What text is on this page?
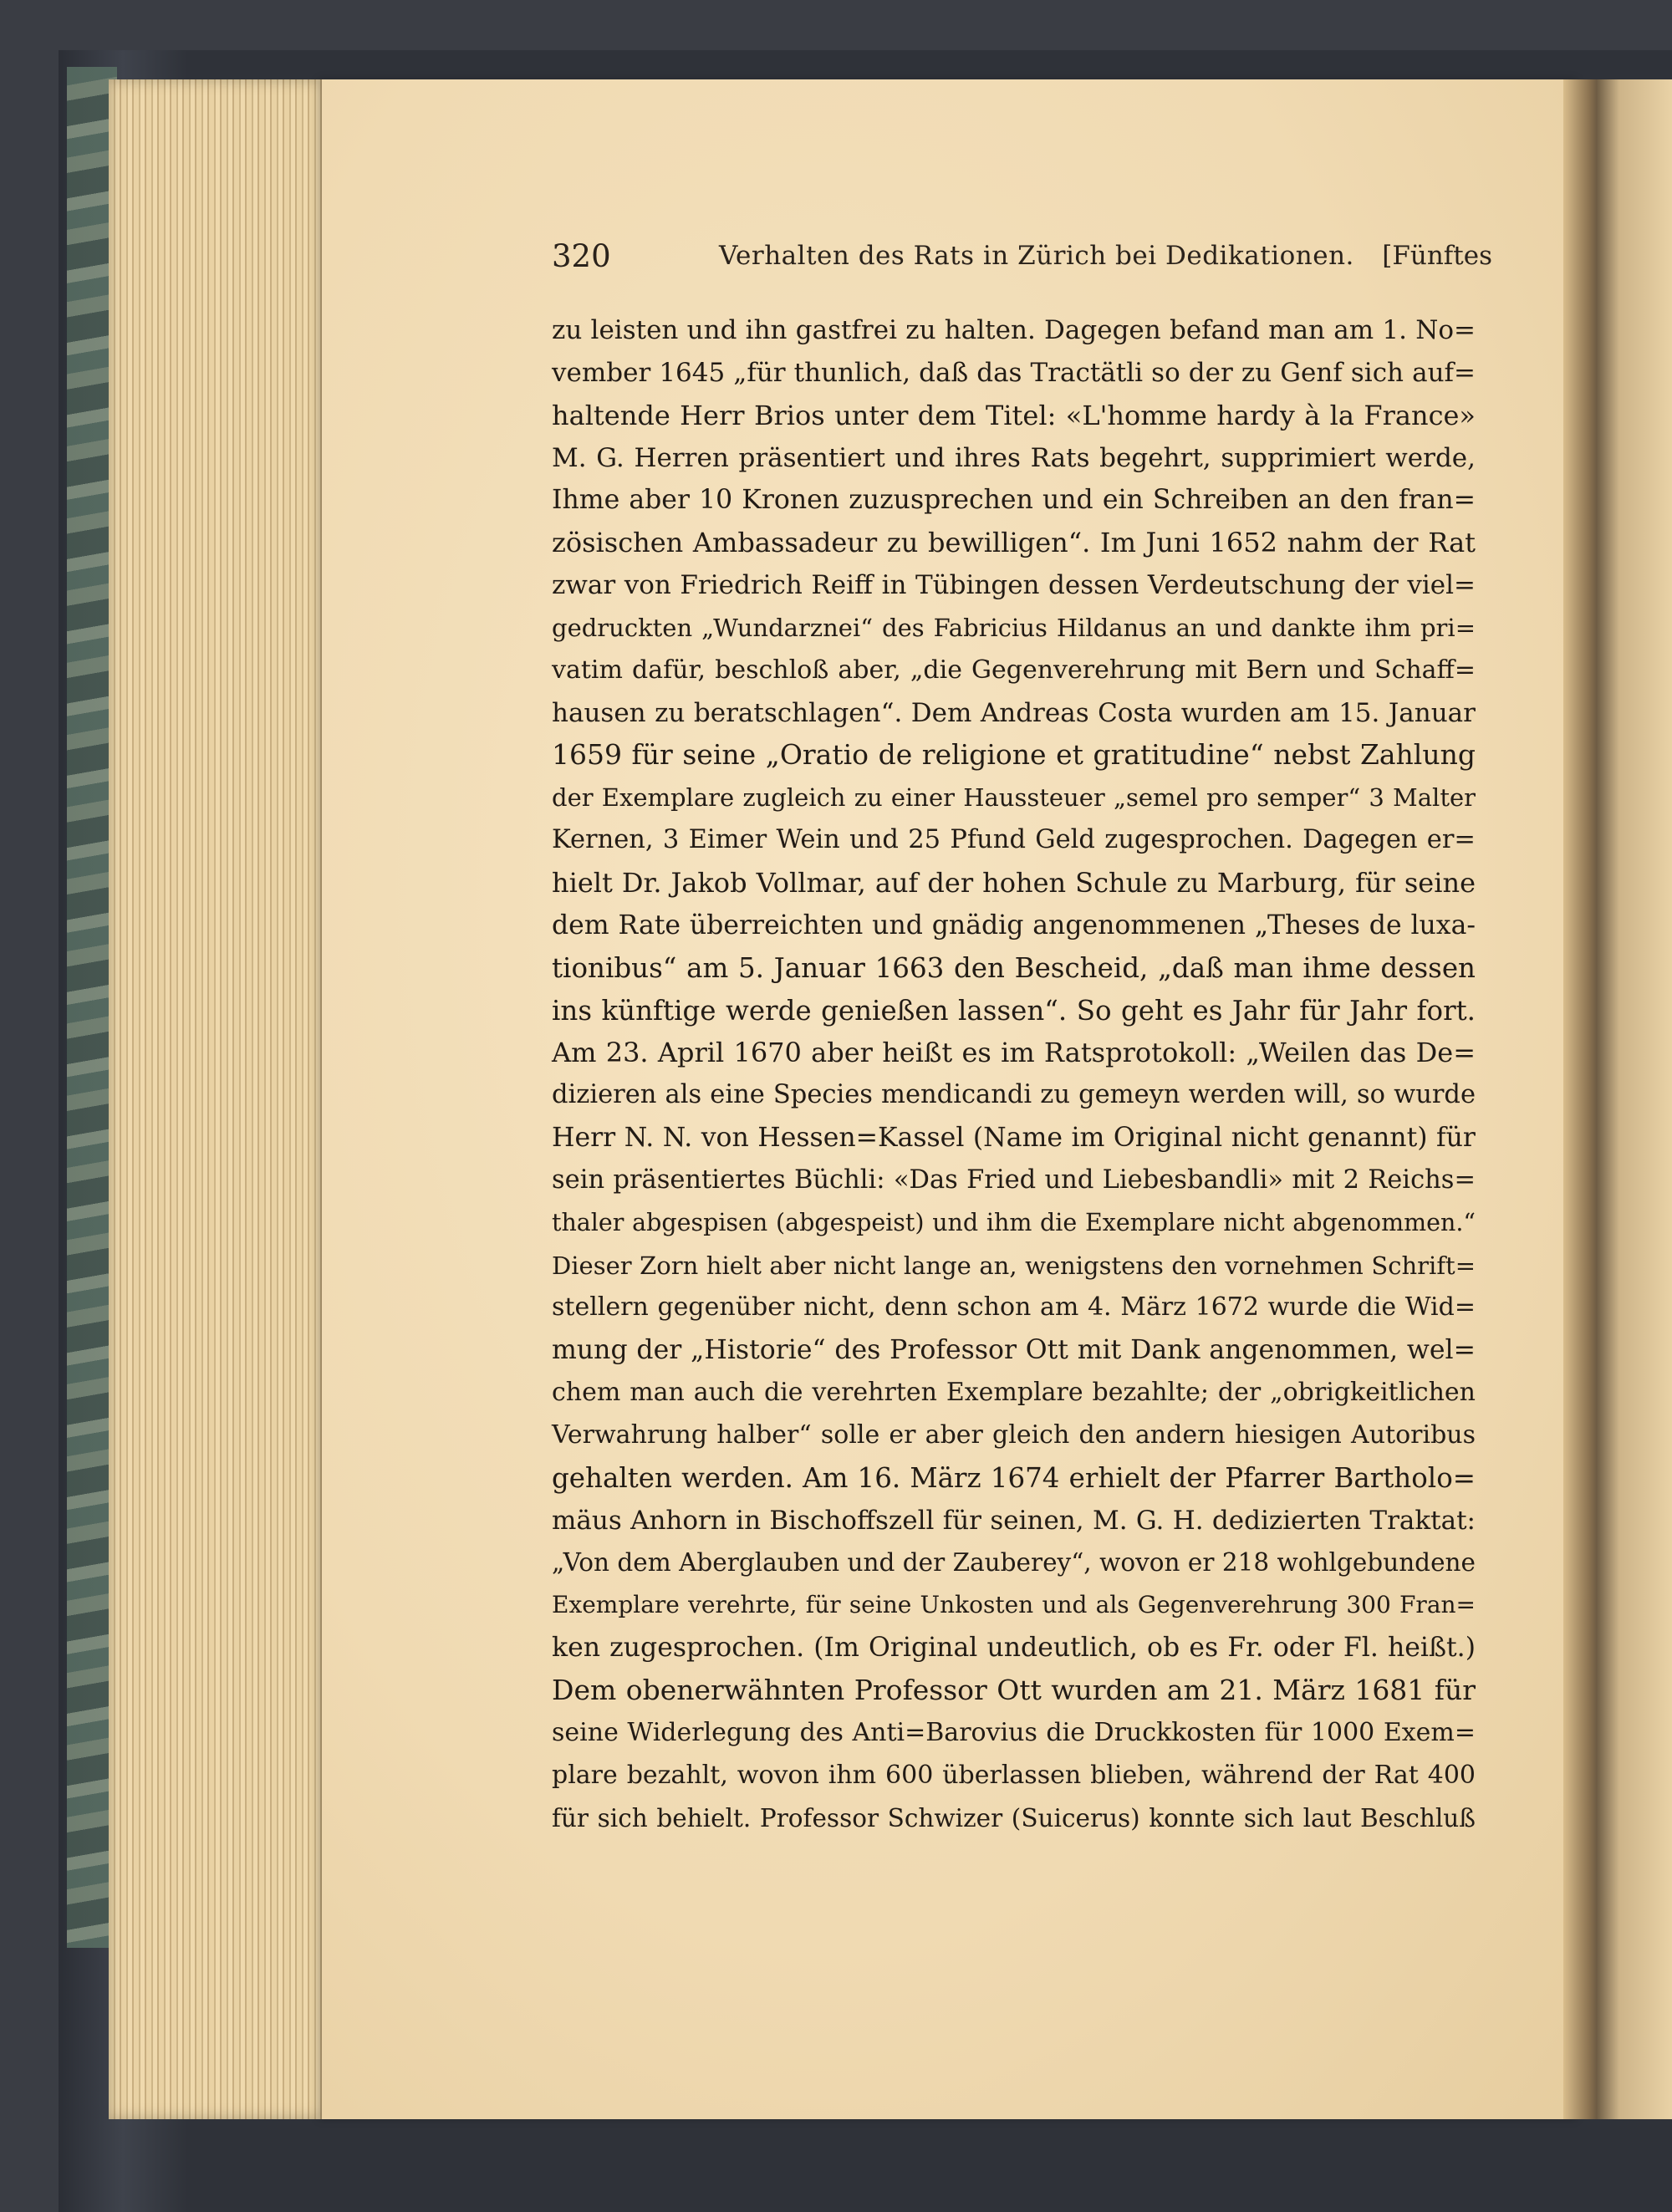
320	Verhalten des Rats in Zürich bei Dedikationen. [Fünftes
zu leisten und ihn gastfrei zu halten. Dagegen befand man am 1. No=
vember 1645 „für thunlich, daß das Tractätli so der zu Genf sich auf=
haltende Herr Brios unter dem Titel: «L'homme hardy à la France»
M. G. Herren präsentiert und ihres Rats begehrt, supprimiert werde,
Ihme aber 10 Kronen zuzusprechen und ein Schreiben an den fran=
zösischen Ambassadeur zu bewilligen“. Im Juni 1652 nahm der Rat
zwar von Friedrich Reiff in Tübingen dessen Verdeutschung der viel=
gedruckten „Wundarznei“ des Fabricius Hildanus an und dankte ihm pri=
vatim dafür, beschloß aber, „die Gegenverehrung mit Bern und Schaff=
hausen zu beratschlagen“. Dem Andreas Costa wurden am 15. Januar
1659 für seine „Oratio de religione et gratitudine“ nebst Zahlung
der Exemplare zugleich zu einer Haussteuer „semel pro semper“ 3 Malter
Kernen, 3 Eimer Wein und 25 Pfund Geld zugesprochen. Dagegen er=
hielt Dr. Jakob Vollmar, auf der hohen Schule zu Marburg, für seine
dem Rate überreichten und gnädig angenommenen „Theses de luxa-
tionibus“ am 5. Januar 1663 den Bescheid, „daß man ihme dessen
ins künftige werde genießen lassen“. So geht es Jahr für Jahr fort.
Am 23. April 1670 aber heißt es im Ratsprotokoll: „Weilen das De=
dizieren als eine Species mendicandi zu gemeyn werden will, so wurde
Herr N. N. von Hessen=Kassel (Name im Original nicht genannt) für
sein präsentiertes Büchli: «Das Fried und Liebesbandli» mit 2 Reichs=
thaler abgespisen (abgespeist) und ihm die Exemplare nicht abgenommen.“
Dieser Zorn hielt aber nicht lange an, wenigstens den vornehmen Schrift=
stellern gegenüber nicht, denn schon am 4. März 1672 wurde die Wid=
mung der „Historie“ des Professor Ott mit Dank angenommen, wel=
chem man auch die verehrten Exemplare bezahlte; der „obrigkeitlichen
Verwahrung halber“ solle er aber gleich den andern hiesigen Autoribus
gehalten werden. Am 16. März 1674 erhielt der Pfarrer Bartholo=
mäus Anhorn in Bischoffszell für seinen, M. G. H. dedizierten Traktat:
„Von dem Aberglauben und der Zauberey“, wovon er 218 wohlgebundene
Exemplare verehrte, für seine Unkosten und als Gegenverehrung 300 Fran=
ken zugesprochen. (Im Original undeutlich, ob es Fr. oder Fl. heißt.)
Dem obenerwähnten Professor Ott wurden am 21. März 1681 für
seine Widerlegung des Anti=Barovius die Druckkosten für 1000 Exem=
plare bezahlt, wovon ihm 600 überlassen blieben, während der Rat 400
für sich behielt. Professor Schwizer (Suicerus) konnte sich laut Beschluß
